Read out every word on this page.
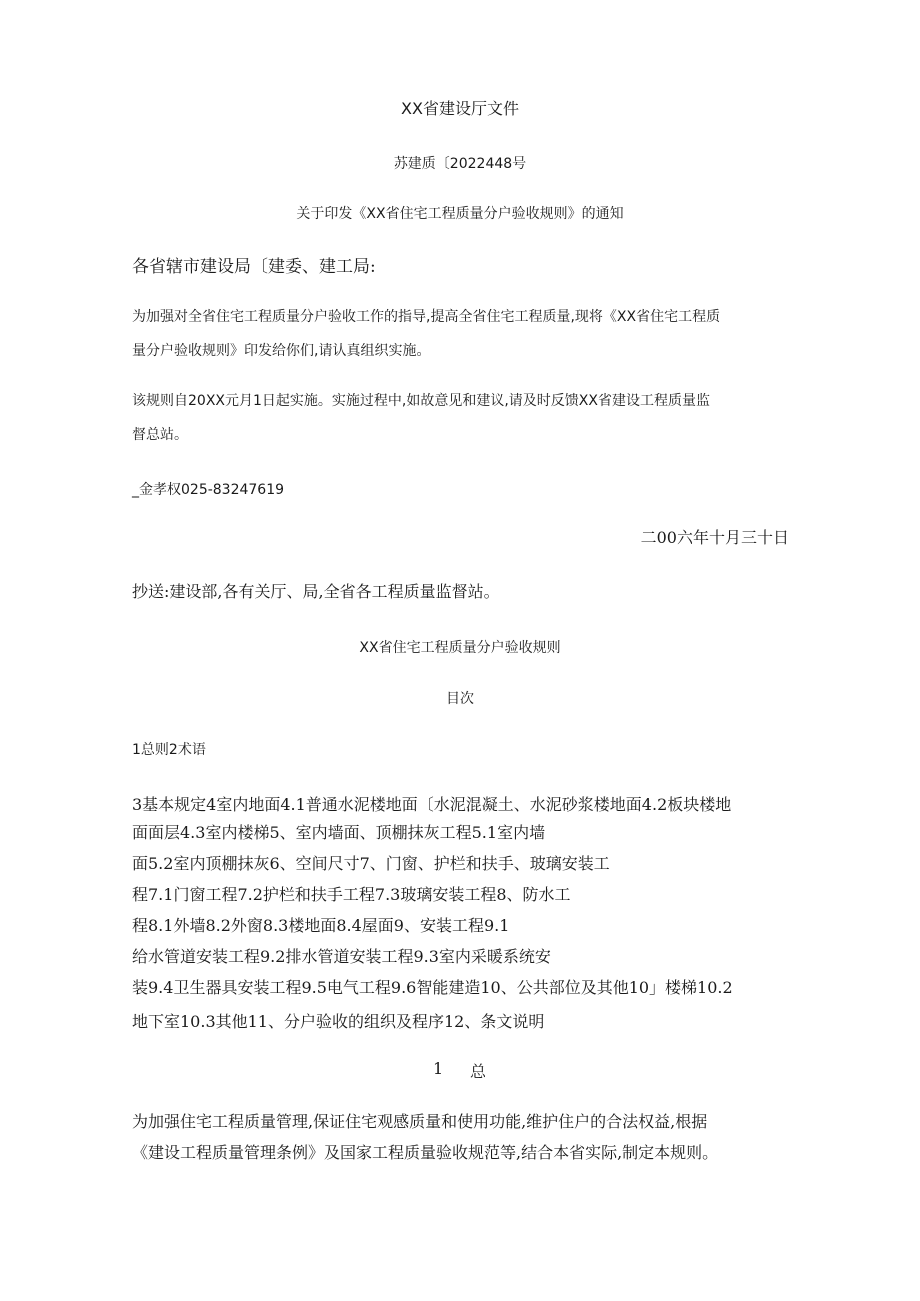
XX省建设厅文件
苏建质〔2022448号
关于印发《XX省住宅工程质量分户验收规则》的通知
各省辖市建设局〔建委、建工局:
为加强对全省住宅工程质量分户验收工作的指导,提高全省住宅工程质量,现将《XX省住宅工程质
量分户验收规则》印发给你们,请认真组织实施。
该规则自20XX元月1日起实施。实施过程中,如故意见和建议,请及时反馈XX省建设工程质量监
督总站。
_金孝权025-83247619
二00六年十月三十日
抄送:建设部,各有关厅、局,全省各工程质量监督站。
XX省住宅工程质量分户验收规则
目次
1总则2术语
3基本规定4室内地面4.1普通水泥楼地面〔水泥混凝土、水泥砂浆楼地面4.2板块楼地
面面层4.3室内楼梯5、室内墙面、顶棚抹灰工程5.1室内墙
面5.2室内顶棚抹灰6、空间尺寸7、门窗、护栏和扶手、玻璃安装工
程7.1门窗工程7.2护栏和扶手工程7.3玻璃安装工程8、防水工
程8.1外墙8.2外窗8.3楼地面8.4屋面9、安装工程9.1
给水管道安装工程9.2排水管道安装工程9.3室内采暖系统安
装9.4卫生器具安装工程9.5电气工程9.6智能建造10、公共部位及其他10」楼梯10.2
地下室10.3其他11、分户验收的组织及程序12、条文说明
1 总
为加强住宅工程质量管理,保证住宅观感质量和使用功能,维护住户的合法权益,根据
《建设工程质量管理条例》及国家工程质量验收规范等,结合本省实际,制定本规则。
